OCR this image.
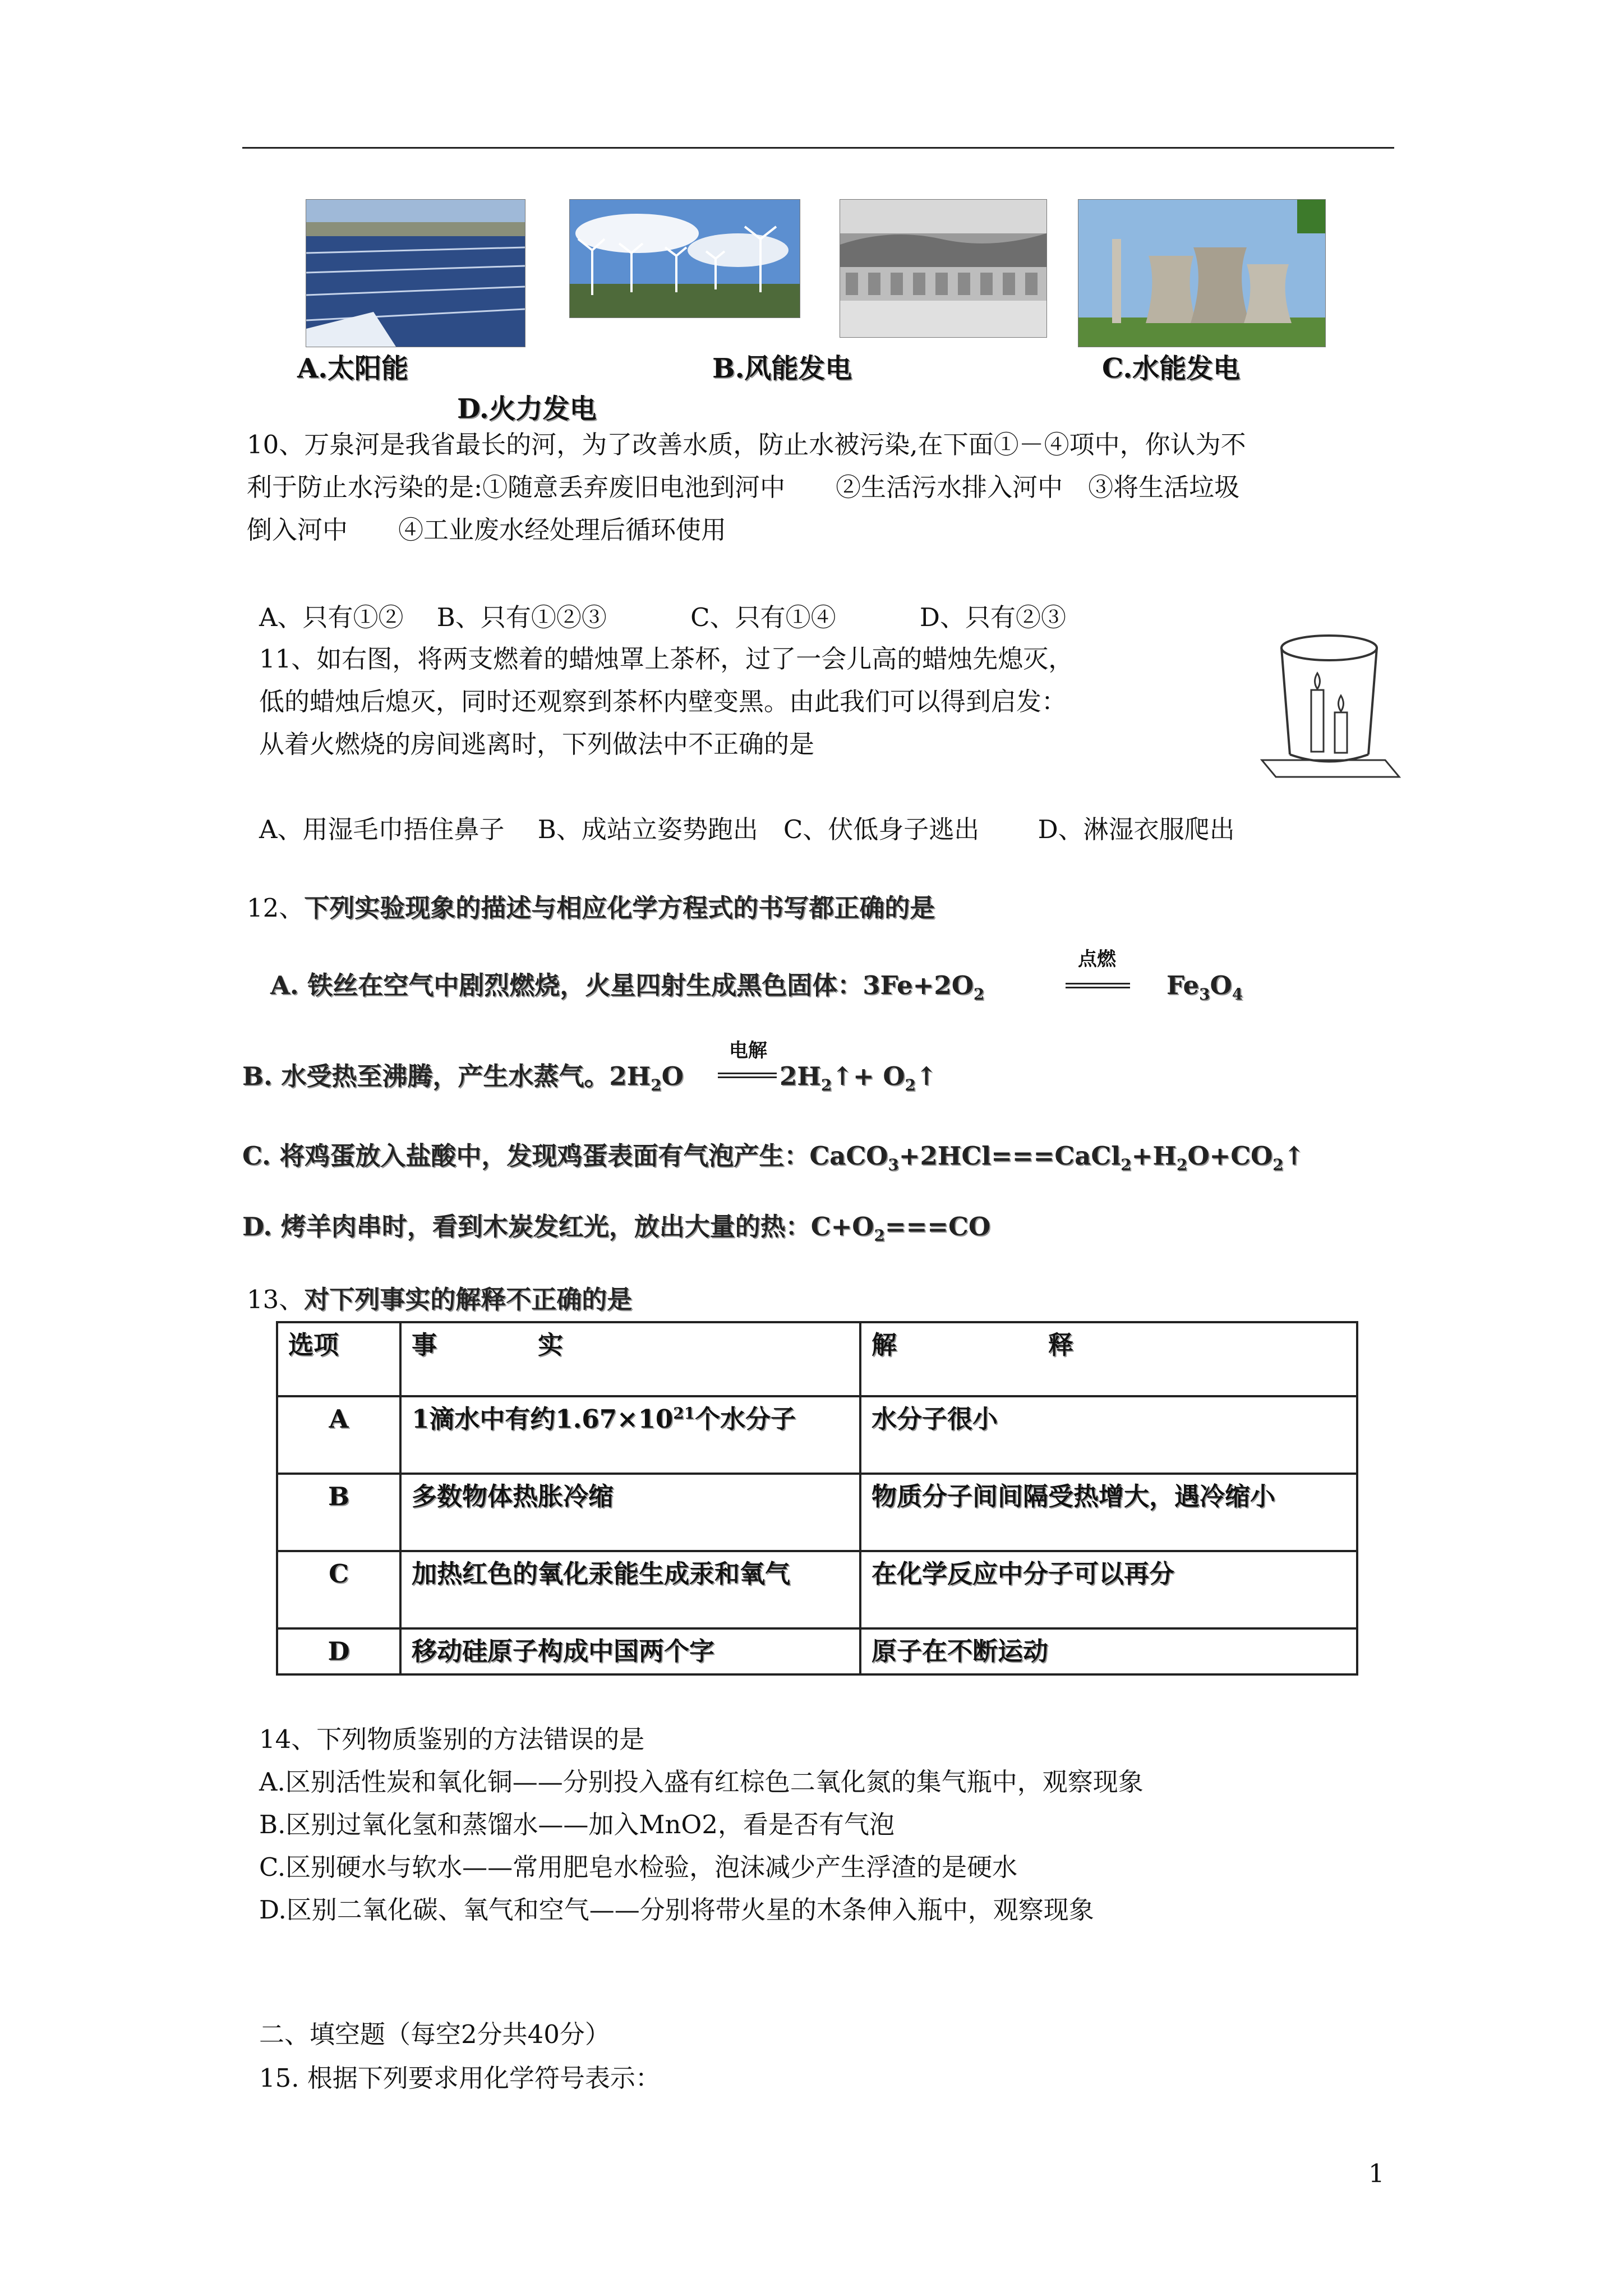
A.太阳能	B.风能发电	C.水能发电
D.火力发电
10、万泉河是我省最长的河，为了改善水质，防止水被污染,在下面①－④项中，你认为不
利于防止水污染的是:①随意丢弃废旧电池到河中　　②生活污水排入河中　③将生活垃圾
倒入河中　　④工业废水经处理后循环使用
A、只有①②　 B、只有①②③　　　 C、只有①④　　　 D、只有②③
11、如右图，将两支燃着的蜡烛罩上茶杯，过了一会儿高的蜡烛先熄灭，
低的蜡烛后熄灭，同时还观察到茶杯内壁变黑。由此我们可以得到启发：
从着火燃烧的房间逃离时，下列做法中不正确的是
A、用湿毛巾捂住鼻子　 B、成站立姿势跑出　C、伏低身子逃出　　 D、淋湿衣服爬出
12、下列实验现象的描述与相应化学方程式的书写都正确的是
A. 铁丝在空气中剧烈燃烧，火星四射生成黑色固体：$3Fe+2O_2$
点燃
$Fe_3O_4$
B. 水受热至沸腾，产生水蒸气。$2H_2O$
电解
$2H_2↑+$ $O_2↑$
C. 将鸡蛋放入盐酸中，发现鸡蛋表面有气泡产生：$CaCO_3+2HCl===CaCl_2+H_2O+CO_2↑$
D. 烤羊肉串时，看到木炭发红光，放出大量的热：$C+O_2===CO$
13、对下列事实的解释不正确的是
选项	事　　　　实	解　　　　　　释
A	1滴水中有约$1.67\times 10^{21}$个水分子	水分子很小
B	多数物体热胀冷缩	物质分子间间隔受热增大，遇冷缩小
C	加热红色的氧化汞能生成汞和氧气	在化学反应中分子可以再分
D	移动硅原子构成中国两个字	原子在不断运动
14、下列物质鉴别的方法错误的是
A.区别活性炭和氧化铜——分别投入盛有红棕色二氧化氮的集气瓶中，观察现象
B.区别过氧化氢和蒸馏水——加入MnO2，看是否有气泡
C.区别硬水与软水——常用肥皂水检验，泡沫减少产生浮渣的是硬水
D.区别二氧化碳、氧气和空气——分别将带火星的木条伸入瓶中，观察现象
二、填空题（每空2分共40分）
15. 根据下列要求用化学符号表示：
1
